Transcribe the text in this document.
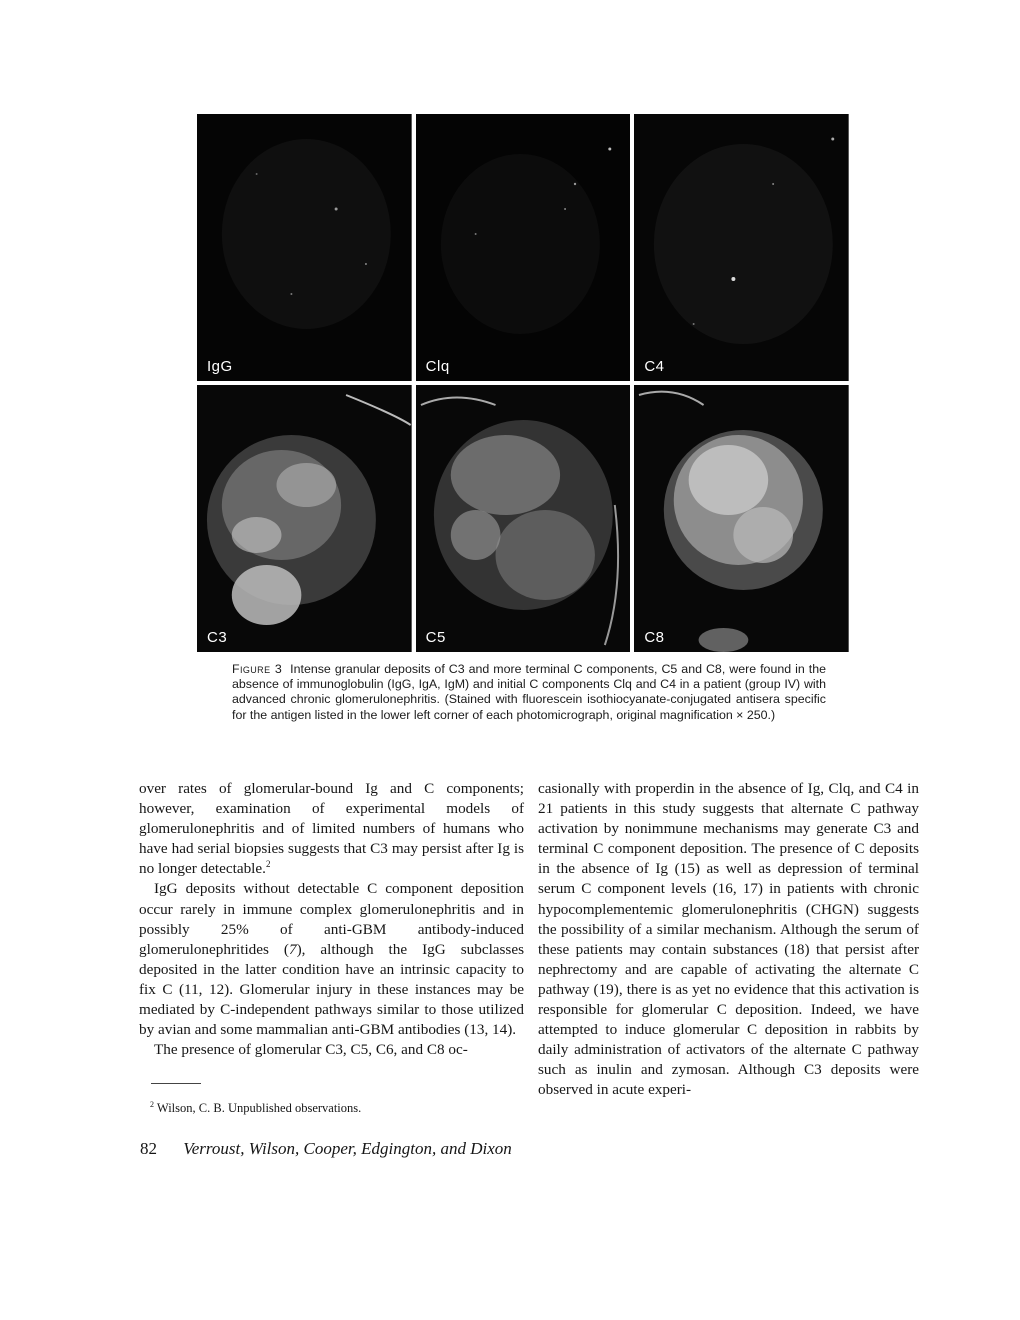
IgG	Clq	C4
C3	C5	C8
Figure 3 Intense granular deposits of C3 and more terminal C components, C5 and C8, were found in the absence of immunoglobulin (IgG, IgA, IgM) and initial C components Clq and C4 in a patient (group IV) with advanced chronic glomerulonephritis. (Stained with fluorescein isothiocyanate-conjugated antisera specific for the antigen listed in the lower left corner of each photomicrograph, original magnification × 250.)

over rates of glomerular-bound Ig and C components; however, examination of experimental models of glomerulonephritis and of limited numbers of humans who have had serial biopsies suggests that C3 may persist after Ig is no longer detectable.$^2$

IgG deposits without detectable C component deposition occur rarely in immune complex glomerulonephritis and in possibly 25% of anti-GBM antibody-induced glomerulonephritides (7), although the IgG subclasses deposited in the latter condition have an intrinsic capacity to fix C (11, 12). Glomerular injury in these instances may be mediated by C-independent pathways similar to those utilized by avian and some mammalian anti-GBM antibodies (13, 14).

The presence of glomerular C3, C5, C6, and C8 oc-

$^2$ Wilson, C. B. Unpublished observations.

casionally with properdin in the absence of Ig, Clq, and C4 in 21 patients in this study suggests that alternate C pathway activation by nonimmune mechanisms may generate C3 and terminal C component deposition. The presence of C deposits in the absence of Ig (15) as well as depression of terminal serum C component levels (16, 17) in patients with chronic hypocomplementemic glomerulonephritis (CHGN) suggests the possibility of a similar mechanism. Although the serum of these patients may contain substances (18) that persist after nephrectomy and are capable of activating the alternate C pathway (19), there is as yet no evidence that this activation is responsible for glomerular C deposition. Indeed, we have attempted to induce glomerular C deposition in rabbits by daily administration of activators of the alternate C pathway such as inulin and zymosan. Although C3 deposits were observed in acute experi-

82 Verroust, Wilson, Cooper, Edgington, and Dixon
